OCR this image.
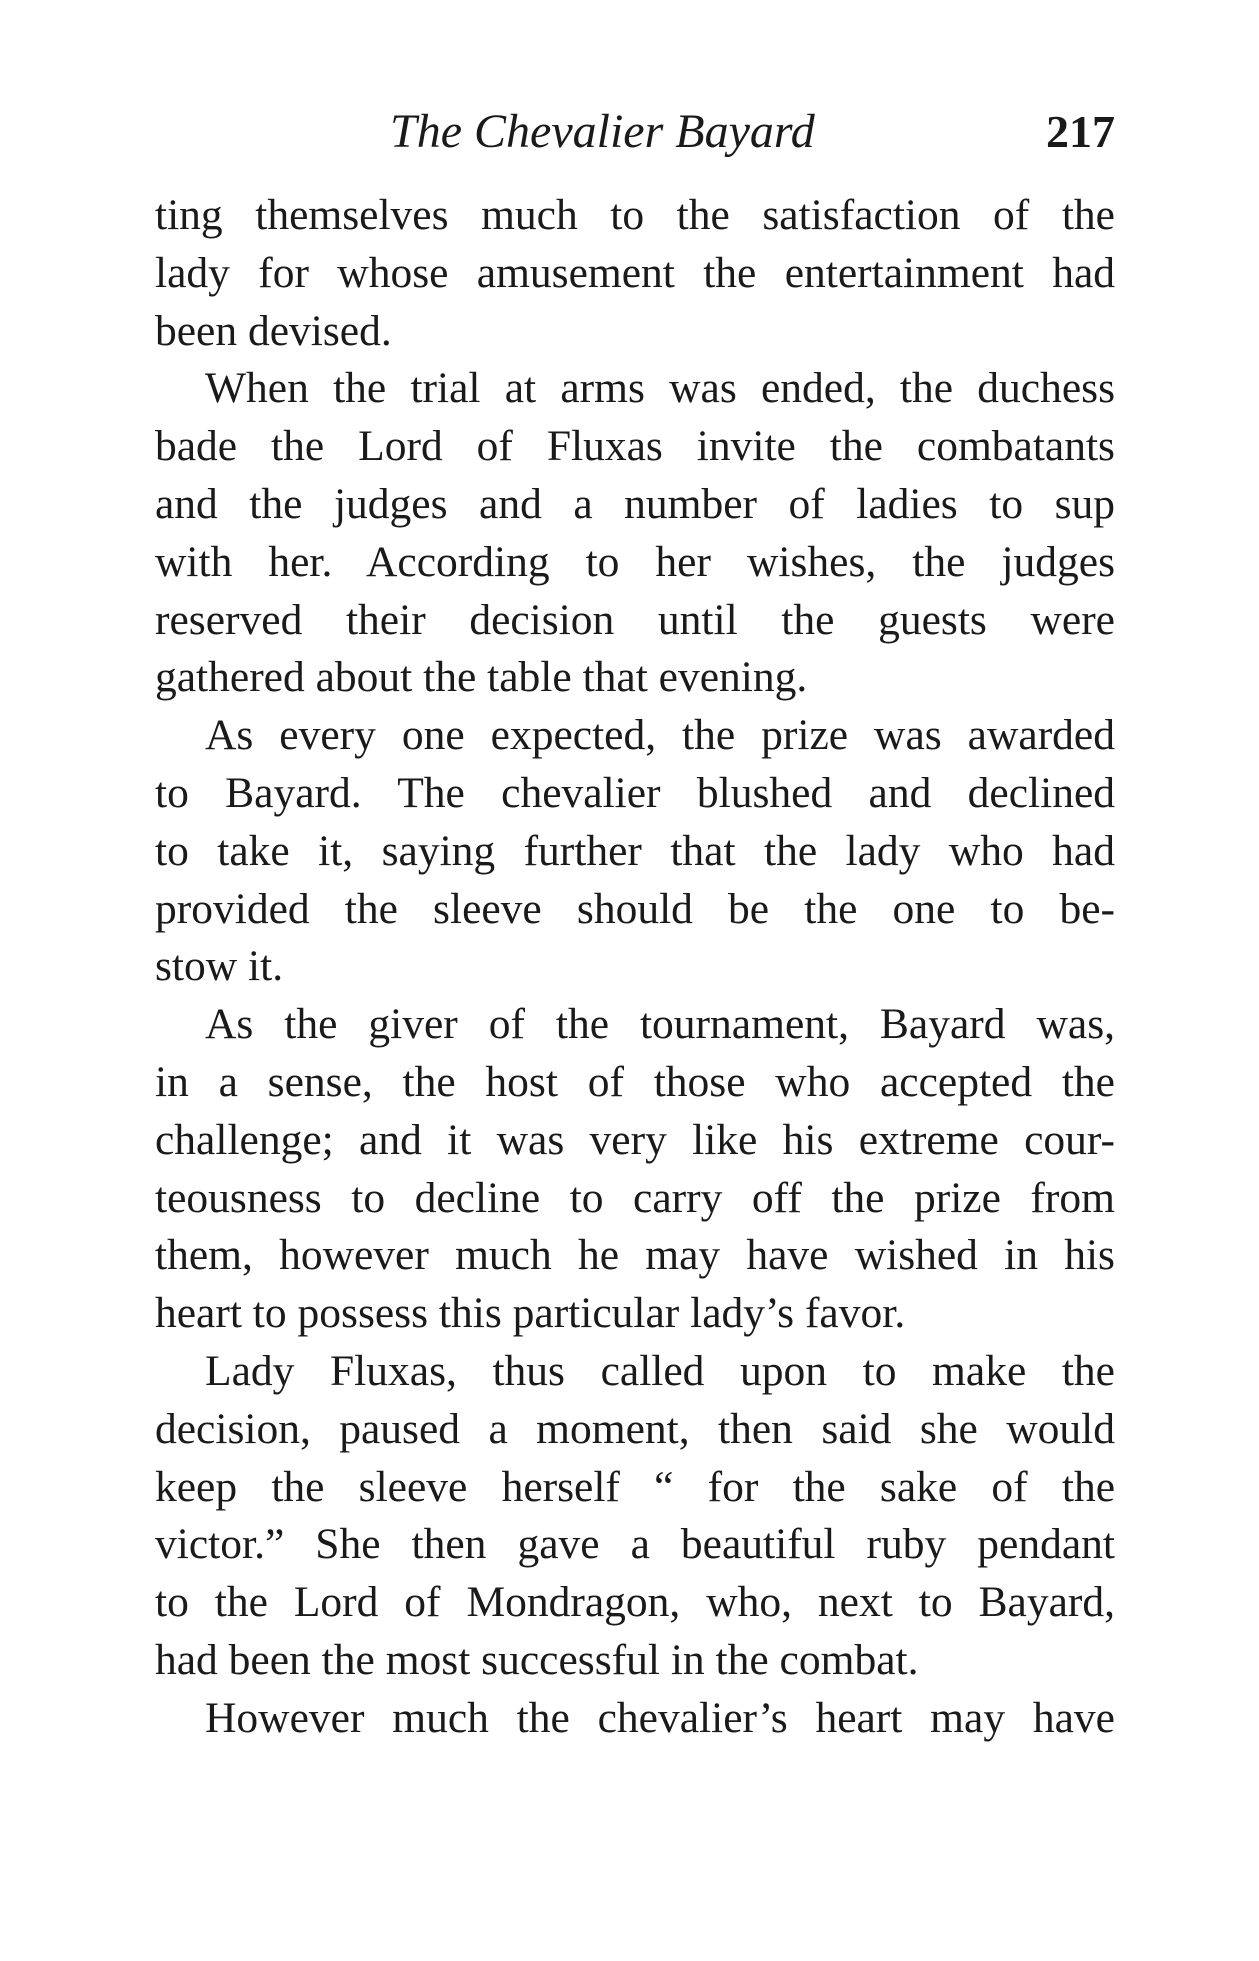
The Chevalier Bayard	217
ting themselves much to the satisfaction of the
lady for whose amusement the entertainment had
been devised.
When the trial at arms was ended, the duchess
bade the Lord of Fluxas invite the combatants
and the judges and a number of ladies to sup
with her. According to her wishes, the judges
reserved their decision until the guests were
gathered about the table that evening.
As every one expected, the prize was awarded
to Bayard. The chevalier blushed and declined
to take it, saying further that the lady who had
provided the sleeve should be the one to be-
stow it.
As the giver of the tournament, Bayard was,
in a sense, the host of those who accepted the
challenge; and it was very like his extreme cour-
teousness to decline to carry off the prize from
them, however much he may have wished in his
heart to possess this particular lady’s favor.
Lady Fluxas, thus called upon to make the
decision, paused a moment, then said she would
keep the sleeve herself “ for the sake of the
victor.” She then gave a beautiful ruby pendant
to the Lord of Mondragon, who, next to Bayard,
had been the most successful in the combat.
However much the chevalier’s heart may have
